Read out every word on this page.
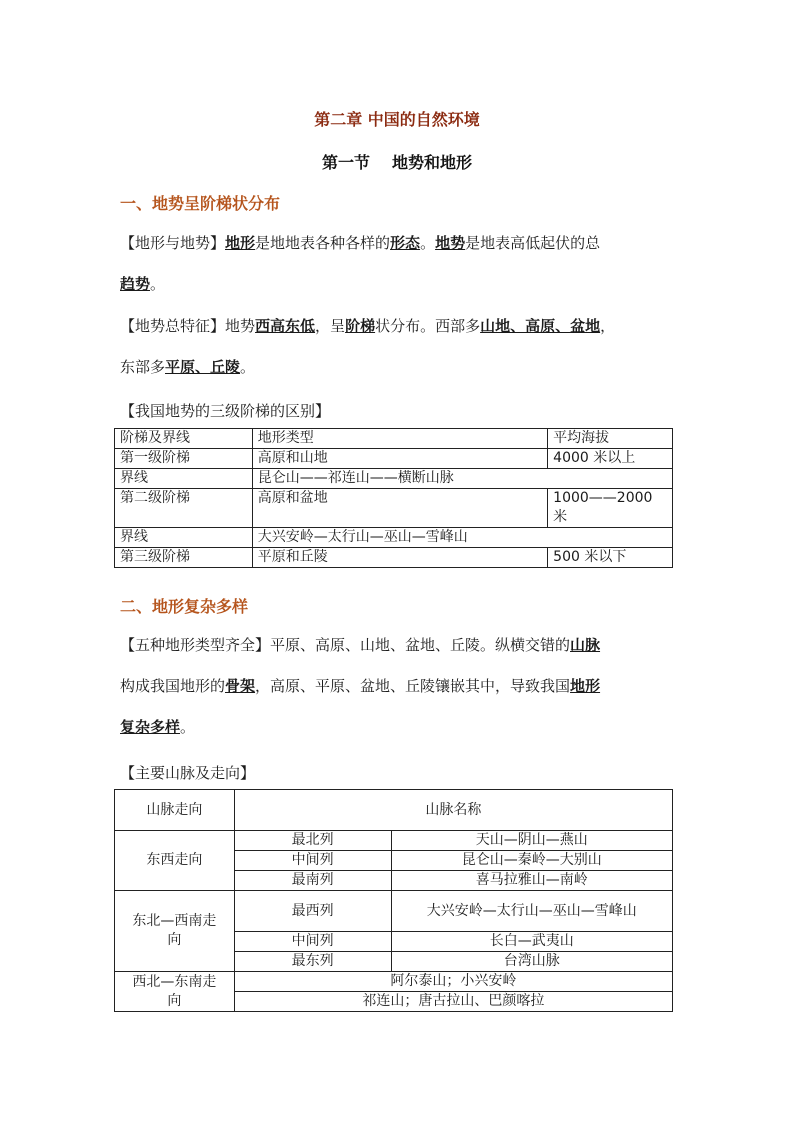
第二章 中国的自然环境
第一节 地势和地形
一、地势呈阶梯状分布
【地形与地势】地形是地地表各种各样的形态。地势是地表高低起伏的总
趋势。
【地势总特征】地势西高东低，呈阶梯状分布。西部多山地、高原、盆地，
东部多平原、丘陵。
【我国地势的三级阶梯的区别】
阶梯及界线	地形类型	平均海拔
第一级阶梯	高原和山地	4000 米以上
界线	昆仑山——祁连山——横断山脉	
第二级阶梯	高原和盆地	1000——2000 米
界线	大兴安岭—太行山—巫山—雪峰山	
第三级阶梯	平原和丘陵	500 米以下
二、地形复杂多样
【五种地形类型齐全】平原、高原、山地、盆地、丘陵。纵横交错的山脉
构成我国地形的骨架，高原、平原、盆地、丘陵镶嵌其中，导致我国地形
复杂多样。
【主要山脉及走向】
山脉走向	山脉名称	
东西走向	最北列	天山—阴山—燕山
	中间列	昆仑山—秦岭—大别山
	最南列	喜马拉雅山—南岭
东北—西南走向	最西列	大兴安岭—太行山—巫山—雪峰山
	中间列	长白—武夷山
	最东列	台湾山脉
西北—东南走向	阿尔泰山；小兴安岭	
	祁连山；唐古拉山、巴颜喀拉	
